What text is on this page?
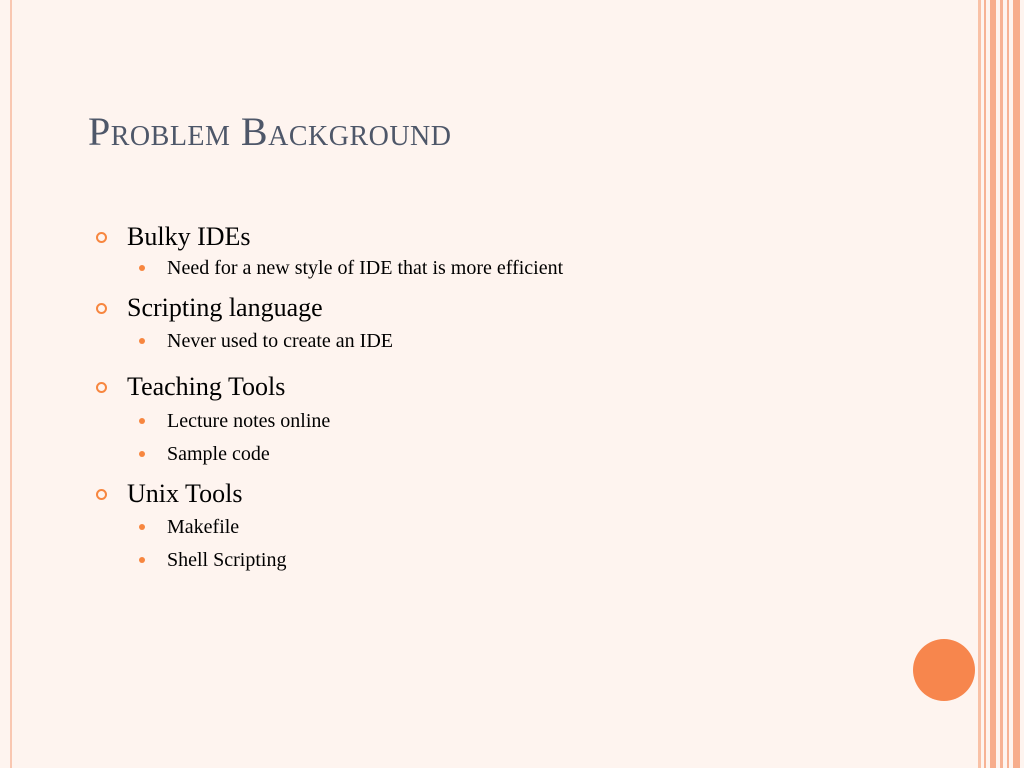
Problem Background
Bulky IDEs
Need for a new style of IDE that is more efficient
Scripting language
Never used to create an IDE
Teaching Tools
Lecture notes online
Sample code
Unix Tools
Makefile
Shell Scripting
